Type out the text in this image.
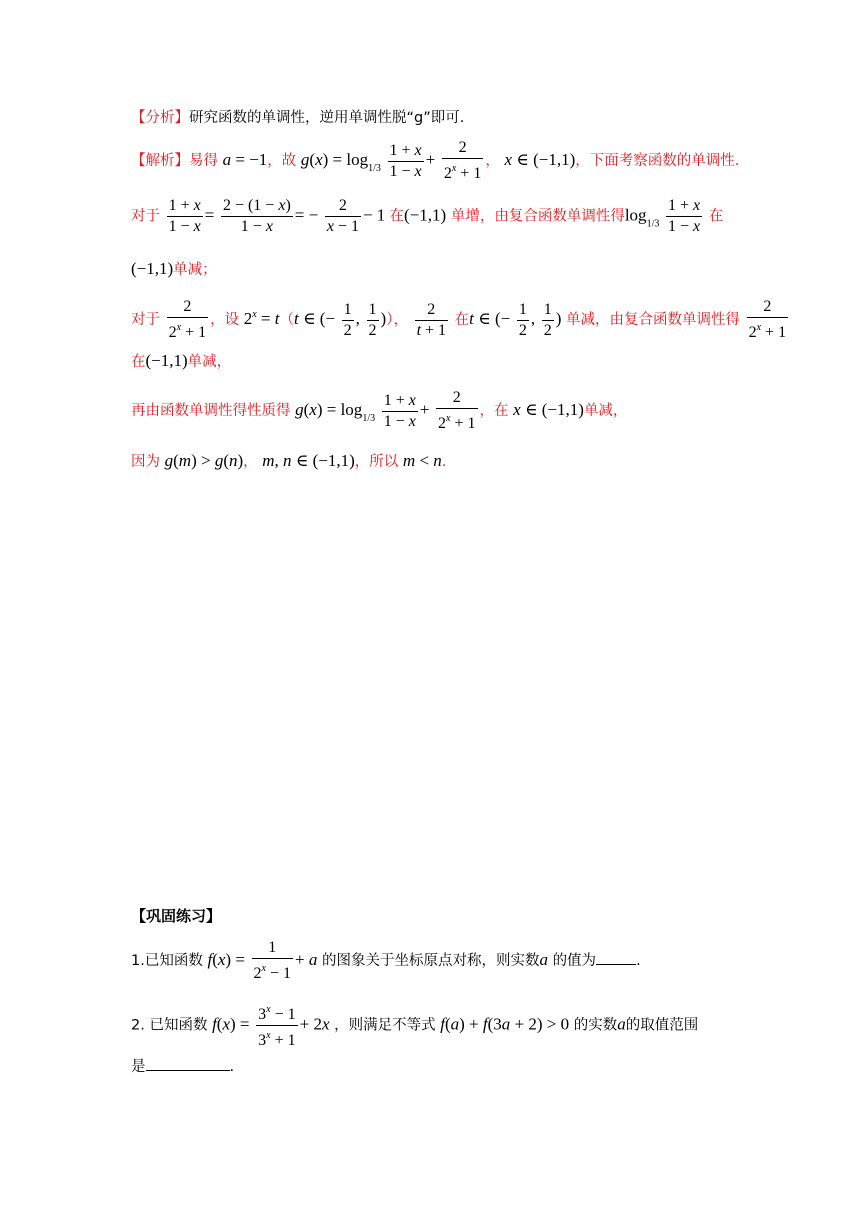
【分析】研究函数的单调性，逆用单调性脱“g”即可.
【解析】易得 a = −1，故 $g(x) = \log_{1/3} \frac{1 + x}{1 - x} + \frac{2}{2^x + 1}$ ， x ∈ (−1,1)，下面考察函数的单调性.
对于 $\frac{1 + x}{1 - x} = \frac{2 - (1 - x)}{1 - x}$ = − $\frac{2}{x - 1} - 1$ 在(−1,1) 单增，由复合函数单调性得$\log_{1/3} \frac{1 + x}{1 - x}$ 在
(−1,1)单减；
对于 $\frac{2}{2^x + 1}$ ，设 $2^x = t(t$ ∈ (− $\frac{1}{2}$ , $\frac{1}{2}$ )）， $\frac{2}{t + 1}$ 在t ∈ (− $\frac{1}{2}$ , $\frac{1}{2}$ ) 单减，由复合函数单调性得 $\frac{2}{2^x + 1}$
在(−1,1)单减，
再由函数单调性得性质得 $g(x) = \log_{1/3} \frac{1 + x}{1 - x} + \frac{2}{2^x + 1}$ ，在 x ∈ (−1,1)单减，
因为 g(m) > g(n)， m, n ∈ (−1,1)，所以 m < n.
【巩固练习】
1.已知函数 $f(x) = \frac{1}{2^x - 1} + a$ 的图象关于坐标原点对称，则实数a 的值为	.
2. 已知函数 $f(x) = \frac{3^x - 1}{3^x + 1} + 2x$ ，则满足不等式 f(a) + f(3a + 2) > 0 的实数a的取值范围
是	.
